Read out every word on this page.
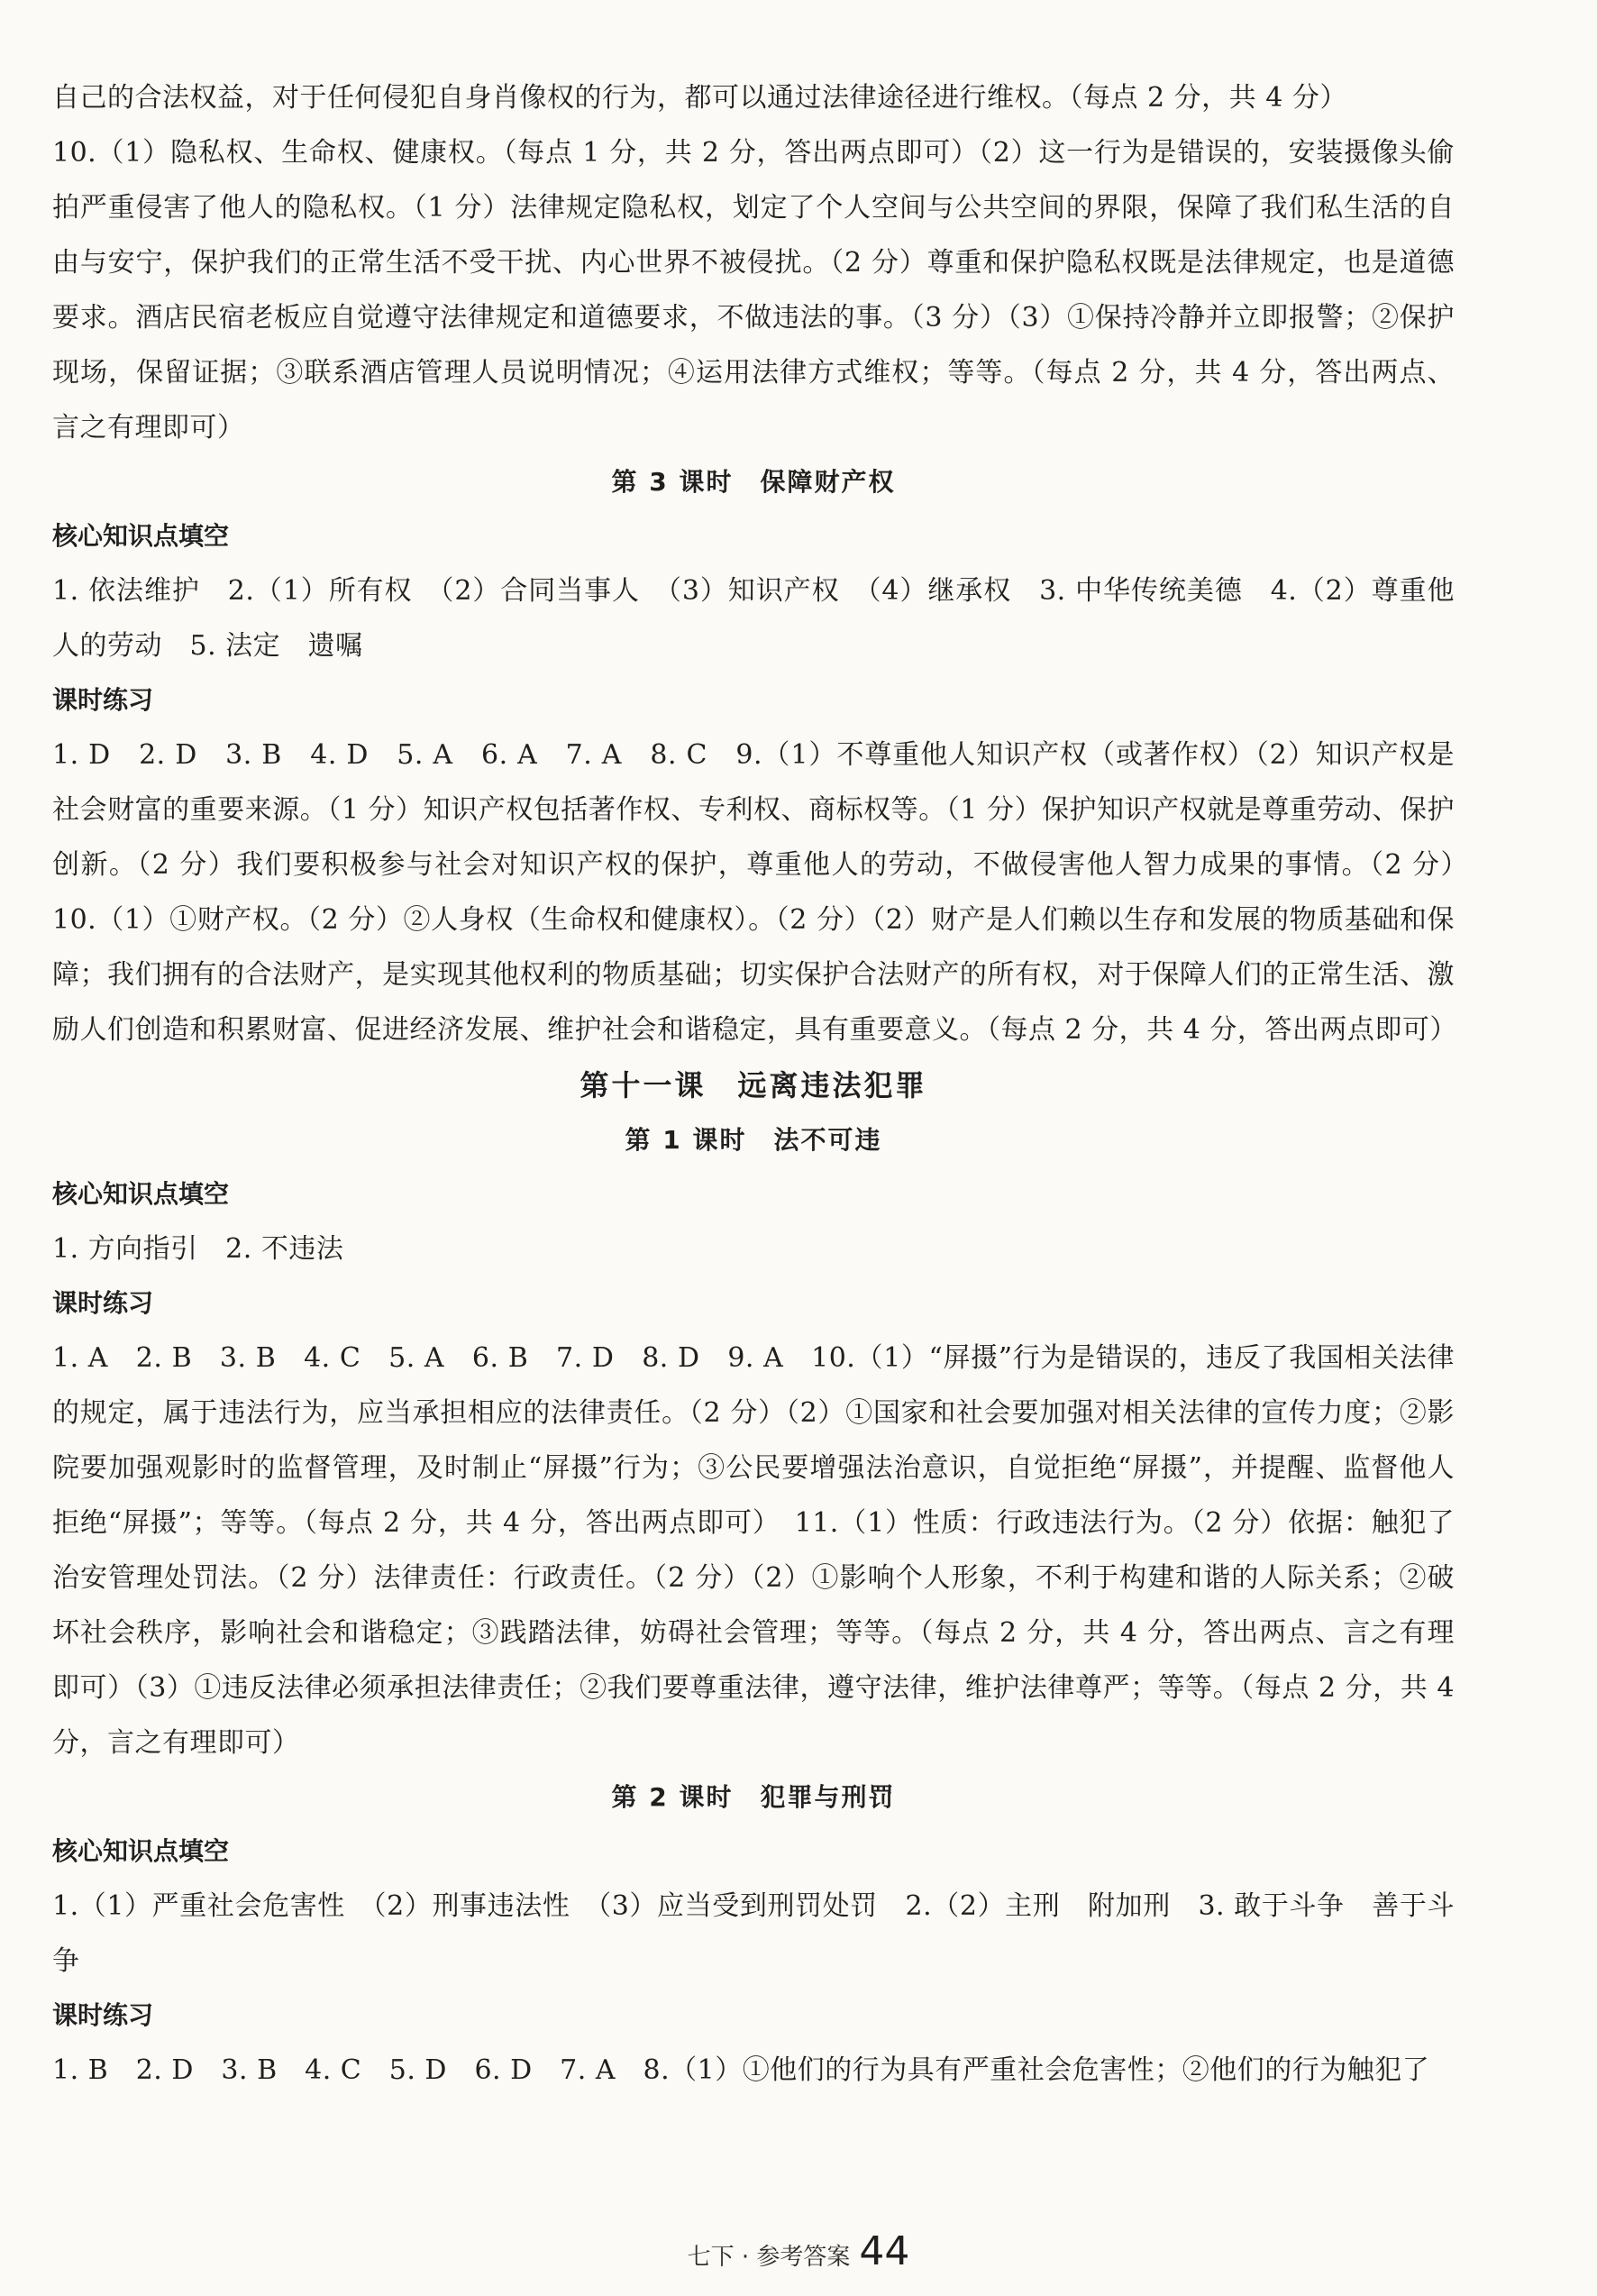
自己的合法权益，对于任何侵犯自身肖像权的行为，都可以通过法律途径进行维权。（每点 2 分，共 4 分）

10.（1）隐私权、生命权、健康权。（每点 1 分，共 2 分，答出两点即可）（2）这一行为是错误的，安装摄像头偷拍严重侵害了他人的隐私权。（1 分）法律规定隐私权，划定了个人空间与公共空间的界限，保障了我们私生活的自由与安宁，保护我们的正常生活不受干扰、内心世界不被侵扰。（2 分）尊重和保护隐私权既是法律规定，也是道德要求。酒店民宿老板应自觉遵守法律规定和道德要求，不做违法的事。（3 分）（3）①保持冷静并立即报警；②保护现场，保留证据；③联系酒店管理人员说明情况；④运用法律方式维权；等等。（每点 2 分，共 4 分，答出两点、言之有理即可）

第 3 课时　保障财产权
核心知识点填空

1. 依法维护　2.（1）所有权　（2）合同当事人　（3）知识产权　（4）继承权　3. 中华传统美德　4.（2）尊重他人的劳动　5. 法定　遗嘱

课时练习

1. D　2. D　3. B　4. D　5. A　6. A　7. A　8. C　9.（1）不尊重他人知识产权（或著作权）（2）知识产权是社会财富的重要来源。（1 分）知识产权包括著作权、专利权、商标权等。（1 分）保护知识产权就是尊重劳动、保护创新。（2 分）我们要积极参与社会对知识产权的保护，尊重他人的劳动，不做侵害他人智力成果的事情。（2 分）　10.（1）①财产权。（2 分）②人身权（生命权和健康权）。（2 分）（2）财产是人们赖以生存和发展的物质基础和保障；我们拥有的合法财产，是实现其他权利的物质基础；切实保护合法财产的所有权，对于保障人们的正常生活、激励人们创造和积累财富、促进经济发展、维护社会和谐稳定，具有重要意义。（每点 2 分，共 4 分，答出两点即可）

第十一课　远离违法犯罪
第 1 课时　法不可违
核心知识点填空

1. 方向指引　2. 不违法

课时练习

1. A　2. B　3. B　4. C　5. A　6. B　7. D　8. D　9. A　10.（1）“屏摄”行为是错误的，违反了我国相关法律的规定，属于违法行为，应当承担相应的法律责任。（2 分）（2）①国家和社会要加强对相关法律的宣传力度；②影院要加强观影时的监督管理，及时制止“屏摄”行为；③公民要增强法治意识，自觉拒绝“屏摄”，并提醒、监督他人拒绝“屏摄”；等等。（每点 2 分，共 4 分，答出两点即可）　11.（1）性质：行政违法行为。（2 分）依据：触犯了治安管理处罚法。（2 分）法律责任：行政责任。（2 分）（2）①影响个人形象，不利于构建和谐的人际关系；②破坏社会秩序，影响社会和谐稳定；③践踏法律，妨碍社会管理；等等。（每点 2 分，共 4 分，答出两点、言之有理即可）（3）①违反法律必须承担法律责任；②我们要尊重法律，遵守法律，维护法律尊严；等等。（每点 2 分，共 4 分，言之有理即可）

第 2 课时　犯罪与刑罚
核心知识点填空

1.（1）严重社会危害性　（2）刑事违法性　（3）应当受到刑罚处罚　2.（2）主刑　附加刑　3. 敢于斗争　善于斗争

课时练习

1. B　2. D　3. B　4. C　5. D　6. D　7. A　8.（1）①他们的行为具有严重社会危害性；②他们的行为触犯了

七下 · 参考答案 44
